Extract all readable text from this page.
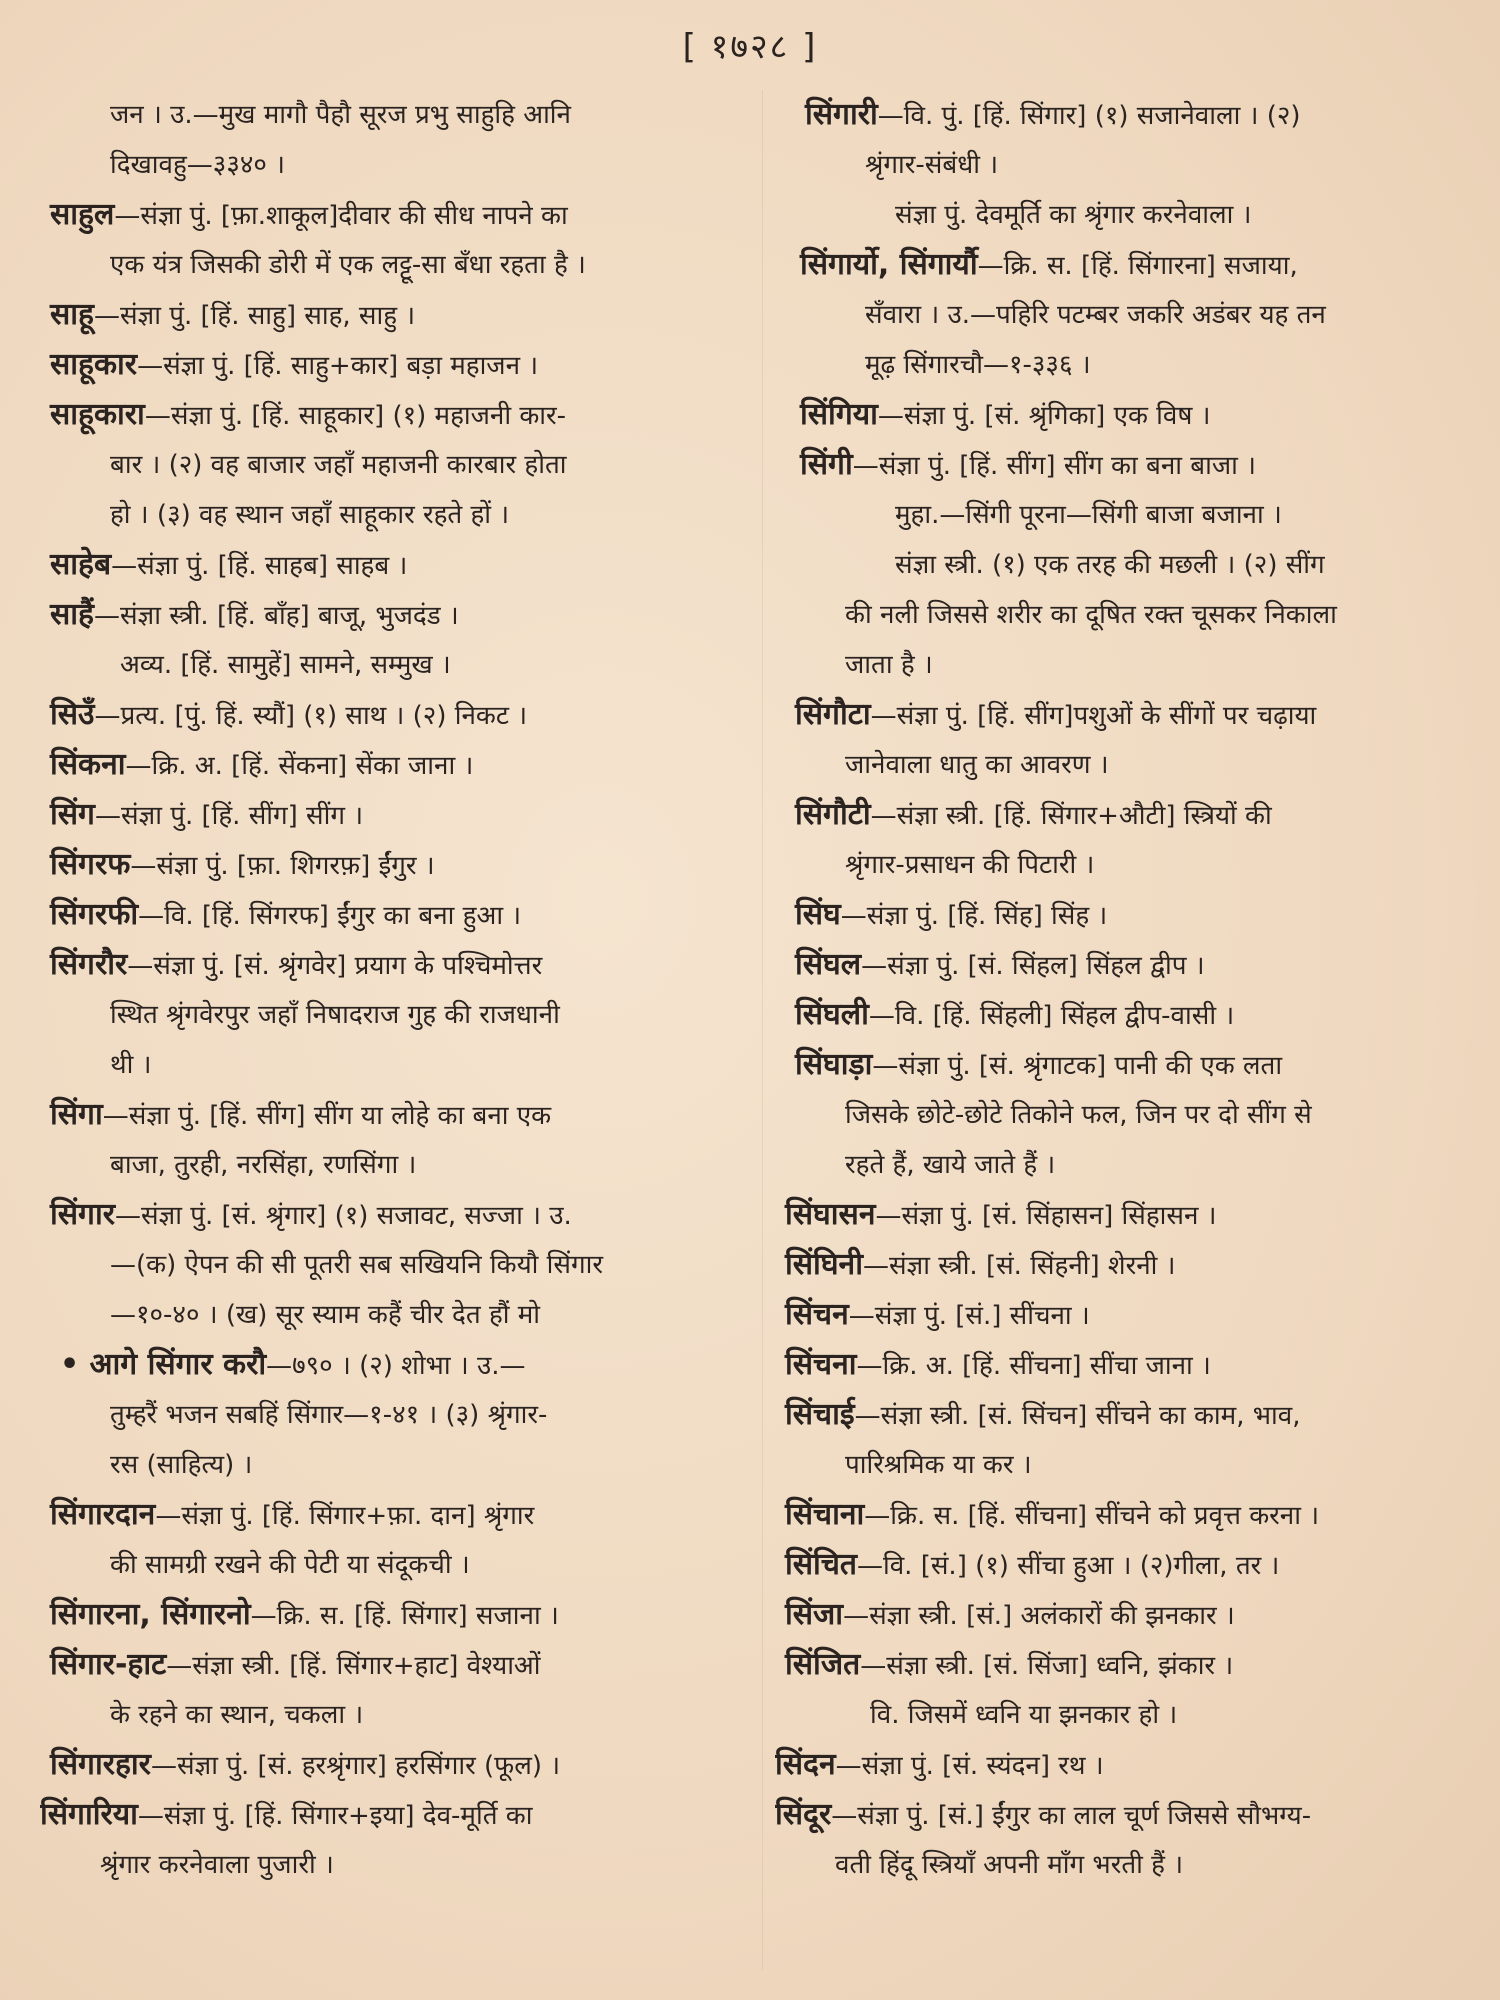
[ १७२८ ]
जन । उ.—मुख मागौ पैहौ सूरज प्रभु साहुहि आनि
दिखावहु—३३४० ।
साहुल—संज्ञा पुं. [फ़ा.शाकूल]दीवार की सीध नापने का
एक यंत्र जिसकी डोरी में एक लट्टू-सा बँधा रहता है ।
साहू—संज्ञा पुं. [हिं. साहु] साह, साहु ।
साहूकार—संज्ञा पुं. [हिं. साहु+कार] बड़ा महाजन ।
साहूकारा—संज्ञा पुं. [हिं. साहूकार] (१) महाजनी कार-
बार । (२) वह बाजार जहाँ महाजनी कारबार होता
हो । (३) वह स्थान जहाँ साहूकार रहते हों ।
साहेब—संज्ञा पुं. [हिं. साहब] साहब ।
साहैं—संज्ञा स्त्री. [हिं. बाँह] बाजू, भुजदंड ।
अव्य. [हिं. सामुहें] सामने, सम्मुख ।
सिउँ—प्रत्य. [पुं. हिं. स्यौं] (१) साथ । (२) निकट ।
सिंकना—क्रि. अ. [हिं. सेंकना] सेंका जाना ।
सिंग—संज्ञा पुं. [हिं. सींग] सींग ।
सिंगरफ—संज्ञा पुं. [फ़ा. शिगरफ़] ईंगुर ।
सिंगरफी—वि. [हिं. सिंगरफ] ईंगुर का बना हुआ ।
सिंगरौर—संज्ञा पुं. [सं. श्रृंगवेर] प्रयाग के पश्चिमोत्तर
स्थित श्रृंगवेरपुर जहाँ निषादराज गुह की राजधानी
थी ।
सिंगा—संज्ञा पुं. [हिं. सींग] सींग या लोहे का बना एक
बाजा, तुरही, नरसिंहा, रणसिंगा ।
सिंगार—संज्ञा पुं. [सं. श्रृंगार] (१) सजावट, सज्जा । उ.
—(क) ऐपन की सी पूतरी सब सखियनि कियौ सिंगार
—१०-४० । (ख) सूर स्याम कहैं चीर देत हौं मो
• आगे सिंगार करौ—७९० । (२) शोभा । उ.—
तुम्हरैं भजन सबहिं सिंगार—१-४१ । (३) श्रृंगार-
रस (साहित्य) ।
सिंगारदान—संज्ञा पुं. [हिं. सिंगार+फ़ा. दान] श्रृंगार
की सामग्री रखने की पेटी या संदूकची ।
सिंगारना, सिंगारनो—क्रि. स. [हिं. सिंगार] सजाना ।
सिंगार-हाट—संज्ञा स्त्री. [हिं. सिंगार+हाट] वेश्याओं
के रहने का स्थान, चकला ।
सिंगारहार—संज्ञा पुं. [सं. हरश्रृंगार] हरसिंगार (फूल) ।
सिंगारिया—संज्ञा पुं. [हिं. सिंगार+इया] देव-मूर्ति का
श्रृंगार करनेवाला पुजारी ।
सिंगारी—वि. पुं. [हिं. सिंगार] (१) सजानेवाला । (२)
श्रृंगार-संबंधी ।
संज्ञा पुं. देवमूर्ति का श्रृंगार करनेवाला ।
सिंगार्यो, सिंगार्यौ—क्रि. स. [हिं. सिंगारना] सजाया,
सँवारा । उ.—पहिरि पटम्बर जकरि अडंबर यह तन
मूढ़ सिंगारचौ—१-३३६ ।
सिंगिया—संज्ञा पुं. [सं. श्रृंगिका] एक विष ।
सिंगी—संज्ञा पुं. [हिं. सींग] सींग का बना बाजा ।
मुहा.—सिंगी पूरना—सिंगी बाजा बजाना ।
संज्ञा स्त्री. (१) एक तरह की मछली । (२) सींग
की नली जिससे शरीर का दूषित रक्त चूसकर निकाला
जाता है ।
सिंगौटा—संज्ञा पुं. [हिं. सींग]पशुओं के सींगों पर चढ़ाया
जानेवाला धातु का आवरण ।
सिंगौटी—संज्ञा स्त्री. [हिं. सिंगार+औटी] स्त्रियों की
श्रृंगार-प्रसाधन की पिटारी ।
सिंघ—संज्ञा पुं. [हिं. सिंह] सिंह ।
सिंघल—संज्ञा पुं. [सं. सिंहल] सिंहल द्वीप ।
सिंघली—वि. [हिं. सिंहली] सिंहल द्वीप-वासी ।
सिंघाड़ा—संज्ञा पुं. [सं. श्रृंगाटक] पानी की एक लता
जिसके छोटे-छोटे तिकोने फल, जिन पर दो सींग से
रहते हैं, खाये जाते हैं ।
सिंघासन—संज्ञा पुं. [सं. सिंहासन] सिंहासन ।
सिंघिनी—संज्ञा स्त्री. [सं. सिंहनी] शेरनी ।
सिंचन—संज्ञा पुं. [सं.] सींचना ।
सिंचना—क्रि. अ. [हिं. सींचना] सींचा जाना ।
सिंचाई—संज्ञा स्त्री. [सं. सिंचन] सींचने का काम, भाव,
पारिश्रमिक या कर ।
सिंचाना—क्रि. स. [हिं. सींचना] सींचने को प्रवृत्त करना ।
सिंचित—वि. [सं.] (१) सींचा हुआ । (२)गीला, तर ।
सिंजा—संज्ञा स्त्री. [सं.] अलंकारों की झनकार ।
सिंजित—संज्ञा स्त्री. [सं. सिंजा] ध्वनि, झंकार ।
वि. जिसमें ध्वनि या झनकार हो ।
सिंदन—संज्ञा पुं. [सं. स्यंदन] रथ ।
सिंदूर—संज्ञा पुं. [सं.] ईंगुर का लाल चूर्ण जिससे सौभग्य-
वती हिंदू स्त्रियाँ अपनी माँग भरती हैं ।
